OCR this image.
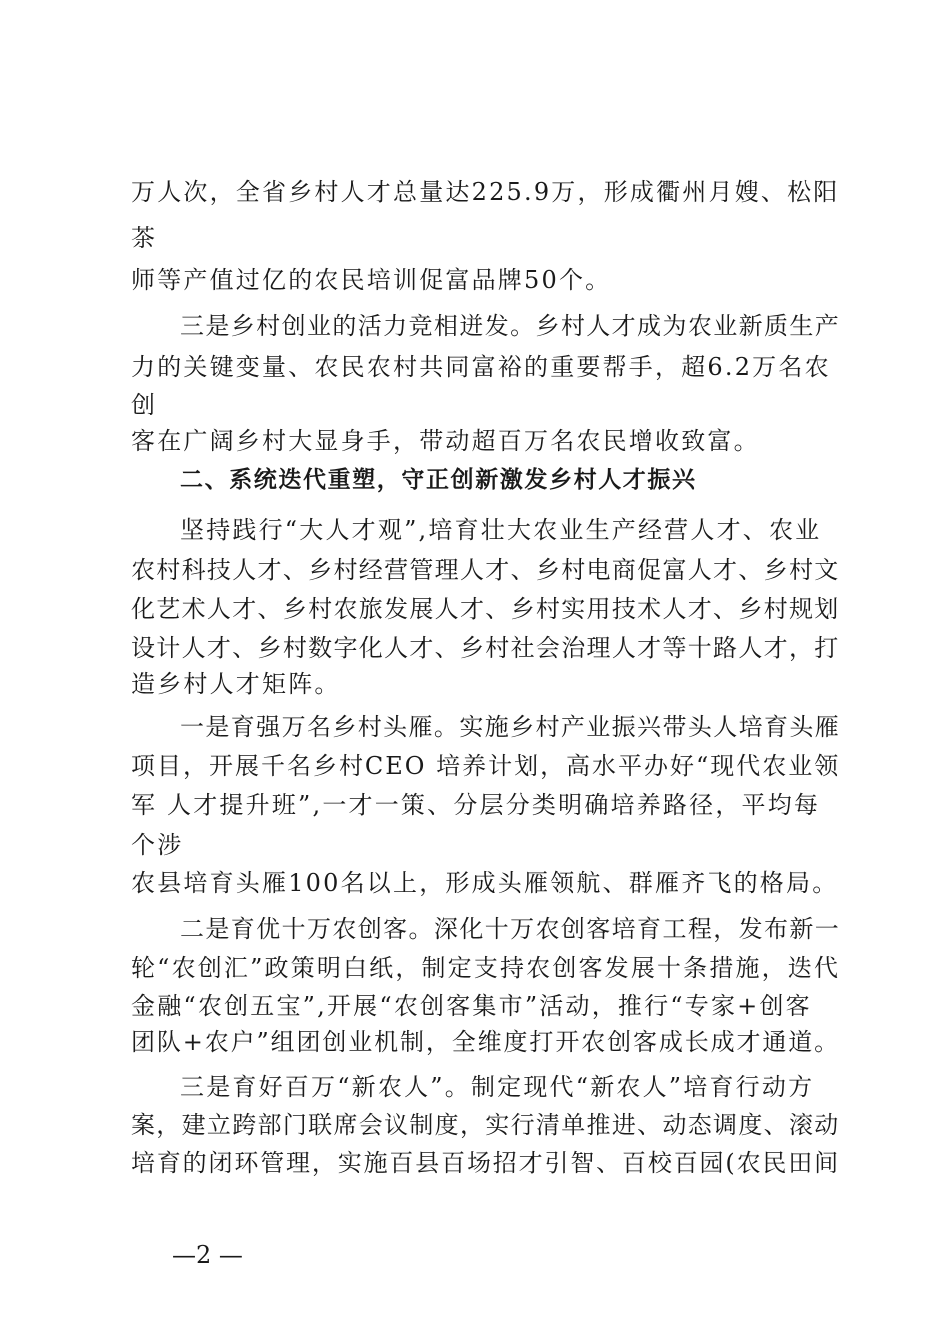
万人次，全省乡村人才总量达225.9万，形成衢州月嫂、松阳
茶
师等产值过亿的农民培训促富品牌50个。
三是乡村创业的活力竞相迸发。乡村人才成为农业新质生产
力的关键变量、农民农村共同富裕的重要帮手，超6.2万名农
创
客在广阔乡村大显身手，带动超百万名农民增收致富。
二、系统迭代重塑，守正创新激发乡村人才振兴
坚持践行“大人才观”,培育壮大农业生产经营人才、农业
农村科技人才、乡村经营管理人才、乡村电商促富人才、乡村文
化艺术人才、乡村农旅发展人才、乡村实用技术人才、乡村规划
设计人才、乡村数字化人才、乡村社会治理人才等十路人才，打
造乡村人才矩阵。
一是育强万名乡村头雁。实施乡村产业振兴带头人培育头雁
项目，开展千名乡村CEO 培养计划，高水平办好“现代农业领
军 人才提升班”,一才一策、分层分类明确培养路径，平均每
个涉
农县培育头雁100名以上，形成头雁领航、群雁齐飞的格局。
二是育优十万农创客。深化十万农创客培育工程，发布新一
轮“农创汇”政策明白纸，制定支持农创客发展十条措施，迭代
金融“农创五宝”,开展“农创客集市”活动，推行“专家+创客
团队+农户”组团创业机制，全维度打开农创客成长成才通道。
三是育好百万“新农人”。制定现代“新农人”培育行动方
案，建立跨部门联席会议制度，实行清单推进、动态调度、滚动
培育的闭环管理，实施百县百场招才引智、百校百园(农民田间
—2 —
